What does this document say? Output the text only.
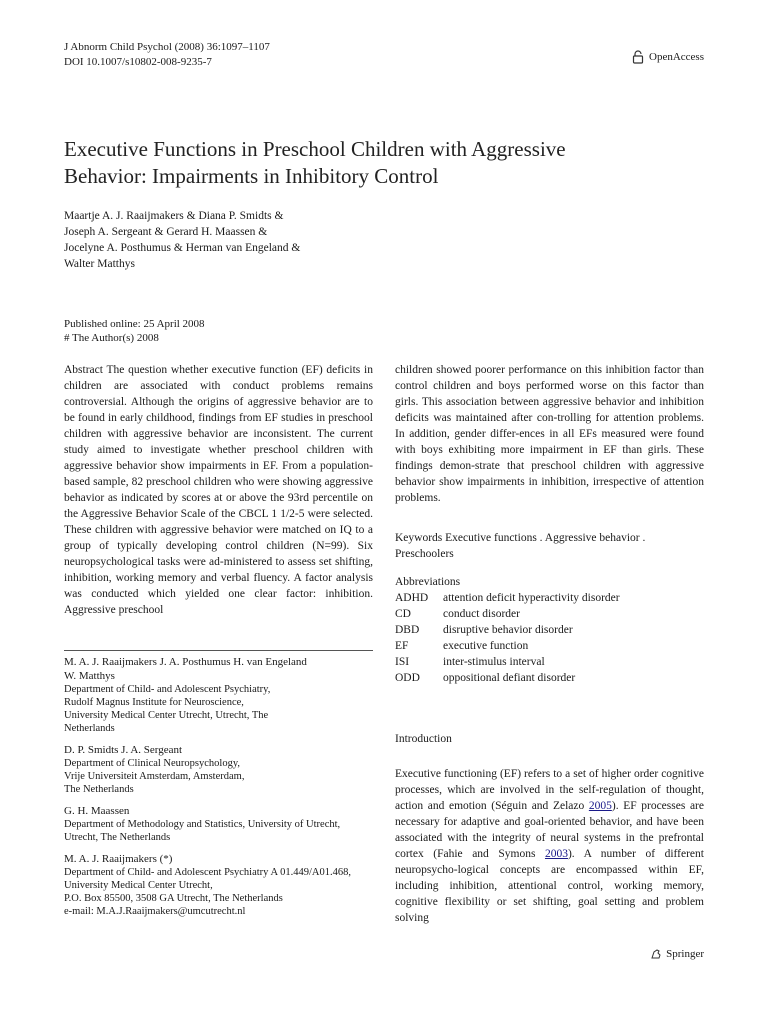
J Abnorm Child Psychol (2008) 36:1097–1107
DOI 10.1007/s10802-008-9235-7	OpenAccess
Executive Functions in Preschool Children with Aggressive
Behavior: Impairments in Inhibitory Control
Maartje A. J. Raaijmakers & Diana P. Smidts &
Joseph A. Sergeant & Gerard H. Maassen &
Jocelyne A. Posthumus & Herman van Engeland &
Walter Matthys
Published online: 25 April 2008
# The Author(s) 2008
Abstract The question whether executive function (EF) deficits in children are associated with conduct problems remains controversial. Although the origins of aggressive behavior are to be found in early childhood, findings from EF studies in preschool children with aggressive behavior are inconsistent. The current study aimed to investigate whether preschool children with aggressive behavior show impairments in EF. From a population-based sample, 82 preschool children who were showing aggressive behavior as indicated by scores at or above the 93rd percentile on the Aggressive Behavior Scale of the CBCL 1 1/2-5 were selected. These children with aggressive behavior were matched on IQ to a group of typically developing control children (N=99). Six neuropsychological tasks were ad-ministered to assess set shifting, inhibition, working memory and verbal fluency. A factor analysis was conducted which yielded one clear factor: inhibition. Aggressive preschool
children showed poorer performance on this inhibition factor than control children and boys performed worse on this factor than girls. This association between aggressive behavior and inhibition deficits was maintained after con-trolling for attention problems. In addition, gender differ-ences in all EFs measured were found with boys exhibiting more impairment in EF than girls. These findings demon-strate that preschool children with aggressive behavior show impairments in inhibition, irrespective of attention problems.
M. A. J. Raaijmakers J. A. Posthumus H. van Engeland
W. Matthys
Department of Child- and Adolescent Psychiatry,
Rudolf Magnus Institute for Neuroscience,
University Medical Center Utrecht, Utrecht, The
Netherlands
D. P. Smidts J. A. Sergeant
Department of Clinical Neuropsychology,
Vrije Universiteit Amsterdam, Amsterdam,
The Netherlands
G. H. Maassen
Department of Methodology and Statistics, University of Utrecht,
Utrecht, The Netherlands
M. A. J. Raaijmakers (*)
Department of Child- and Adolescent Psychiatry A 01.449/A01.468,
University Medical Center Utrecht,
P.O. Box 85500, 3508 GA Utrecht, The Netherlands
e-mail: M.A.J.Raaijmakers@umcutrecht.nl
Keywords Executive functions . Aggressive behavior .
Preschoolers
Abbreviations
ADHD	attention deficit hyperactivity disorder
CD	conduct disorder
DBD	disruptive behavior disorder
EF	executive function
ISI	inter-stimulus interval
ODD	oppositional defiant disorder
Introduction
Executive functioning (EF) refers to a set of higher order cognitive processes, which are involved in the self-regulation of thought, action and emotion (Séguin and Zelazo 2005). EF processes are necessary for adaptive and goal-oriented behavior, and have been associated with the integrity of neural systems in the prefrontal cortex (Fahie and Symons 2003). A number of different neuropsycho-logical concepts are encompassed within EF, including inhibition, attentional control, working memory, cognitive flexibility or set shifting, goal setting and problem solving
Springer
